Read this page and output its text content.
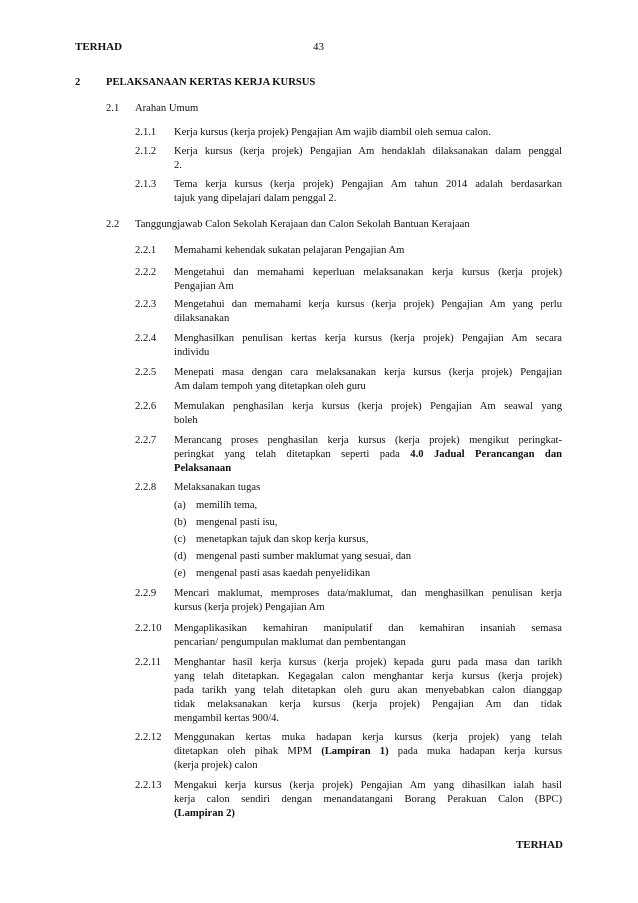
TERHAD	43
2 PELAKSANAAN KERTAS KERJA KURSUS
2.1 Arahan Umum
2.1.1 Kerja kursus (kerja projek) Pengajian Am wajib diambil oleh semua calon.
2.1.2 Kerja kursus (kerja projek) Pengajian Am hendaklah dilaksanakan dalam penggal
2.
2.1.3 Tema kerja kursus (kerja projek) Pengajian Am tahun 2014 adalah berdasarkan
tajuk yang dipelajari dalam penggal 2.
2.2 Tanggungjawab Calon Sekolah Kerajaan dan Calon Sekolah Bantuan Kerajaan
2.2.1 Memahami kehendak sukatan pelajaran Pengajian Am
2.2.2 Mengetahui dan memahami keperluan melaksanakan kerja kursus (kerja projek)
Pengajian Am
2.2.3 Mengetahui dan memahami kerja kursus (kerja projek) Pengajian Am yang perlu
dilaksanakan
2.2.4 Menghasilkan penulisan kertas kerja kursus (kerja projek) Pengajian Am secara
individu
2.2.5 Menepati masa dengan cara melaksanakan kerja kursus (kerja projek) Pengajian
Am dalam tempoh yang ditetapkan oleh guru
2.2.6 Memulakan penghasilan kerja kursus (kerja projek) Pengajian Am seawal yang
boleh
2.2.7 Merancang proses penghasilan kerja kursus (kerja projek) mengikut peringkat-
peringkat yang telah ditetapkan seperti pada 4.0 Jadual Perancangan dan
Pelaksanaan
2.2.8 Melaksanakan tugas
(a) memilih tema,
(b) mengenal pasti isu,
(c) menetapkan tajuk dan skop kerja kursus,
(d) mengenal pasti sumber maklumat yang sesuai, dan
(e) mengenal pasti asas kaedah penyelidikan
2.2.9 Mencari maklumat, memproses data/maklumat, dan menghasilkan penulisan kerja
kursus (kerja projek) Pengajian Am
2.2.10 Mengaplikasikan kemahiran manipulatif dan kemahiran insaniah semasa
pencarian/ pengumpulan maklumat dan pembentangan
2.2.11 Menghantar hasil kerja kursus (kerja projek) kepada guru pada masa dan tarikh
yang telah ditetapkan. Kegagalan calon menghantar kerja kursus (kerja projek)
pada tarikh yang telah ditetapkan oleh guru akan menyebabkan calon dianggap
tidak melaksanakan kerja kursus (kerja projek) Pengajian Am dan tidak
mengambil kertas 900/4.
2.2.12 Menggunakan kertas muka hadapan kerja kursus (kerja projek) yang telah
ditetapkan oleh pihak MPM (Lampiran 1) pada muka hadapan kerja kursus
(kerja projek) calon
2.2.13 Mengakui kerja kursus (kerja projek) Pengajian Am yang dihasilkan ialah hasil
kerja calon sendiri dengan menandatangani Borang Perakuan Calon (BPC)
(Lampiran 2)
TERHAD
